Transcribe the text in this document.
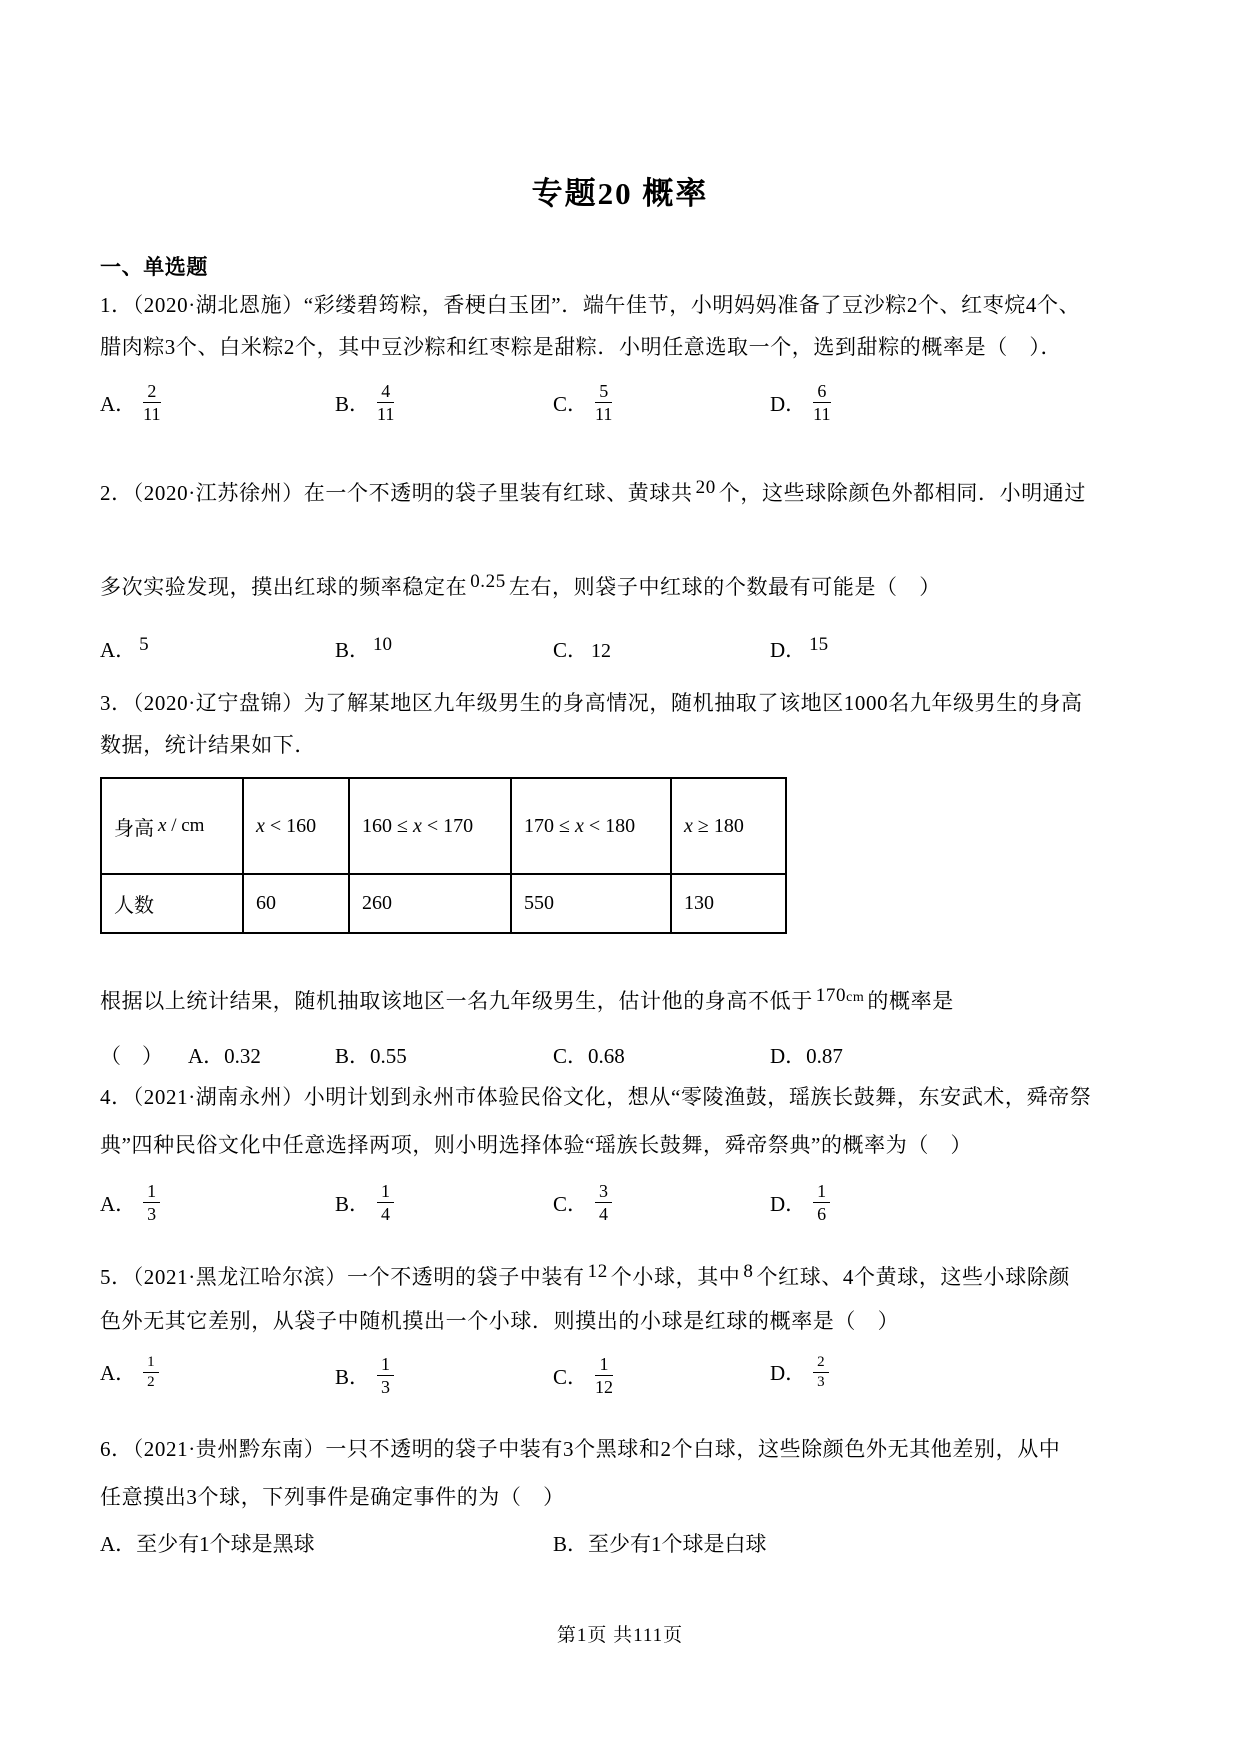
专题20 概率
一、单选题
1．（2020·湖北恩施）“彩缕碧筠粽，香梗白玉团”．端午佳节，小明妈妈准备了豆沙粽2个、红枣烷4个、
腊肉粽3个、白米粽2个，其中豆沙粽和红枣粽是甜粽．小明任意选取一个，选到甜粽的概率是（　）．
A． $\frac{2}{11}$	B． $\frac{4}{11}$	C． $\frac{5}{11}$	D． $\frac{6}{11}$
2．（2020·江苏徐州）在一个不透明的袋子里装有红球、黄球共 20 个，这些球除颜色外都相同．小明通过
多次实验发现，摸出红球的频率稳定在 0.25 左右，则袋子中红球的个数最有可能是（　）
A． 5	B． 10	C． 12	D． 15
3．（2020·辽宁盘锦）为了解某地区九年级男生的身高情况，随机抽取了该地区1000名九年级男生的身高
数据，统计结果如下．
身高 x / cm	x < 160	160 ≤ x < 170	170 ≤ x < 180	x ≥ 180
人数	60	260	550	130
根据以上统计结果，随机抽取该地区一名九年级男生，估计他的身高不低于 170cm 的概率是
（　） A．0.32	B．0.55	C．0.68	D．0.87
4．（2021·湖南永州）小明计划到永州市体验民俗文化，想从“零陵渔鼓，瑶族长鼓舞，东安武术，舜帝祭
典”四种民俗文化中任意选择两项，则小明选择体验“瑶族长鼓舞，舜帝祭典”的概率为（　）
A． $\frac{1}{3}$	B． $\frac{1}{4}$	C． $\frac{3}{4}$	D． $\frac{1}{6}$
5．（2021·黑龙江哈尔滨）一个不透明的袋子中装有 12 个小球，其中 8 个红球、4个黄球，这些小球除颜
色外无其它差别，从袋子中随机摸出一个小球．则摸出的小球是红球的概率是（　）
A． $\frac{1}{2}$	B． $\frac{1}{3}$	C． $\frac{1}{12}$	D． $\frac{2}{3}$
6．（2021·贵州黔东南）一只不透明的袋子中装有3个黑球和2个白球，这些除颜色外无其他差别，从中
任意摸出3个球，下列事件是确定事件的为（　）
A．至少有1个球是黑球	B．至少有1个球是白球
第1页 共111页
